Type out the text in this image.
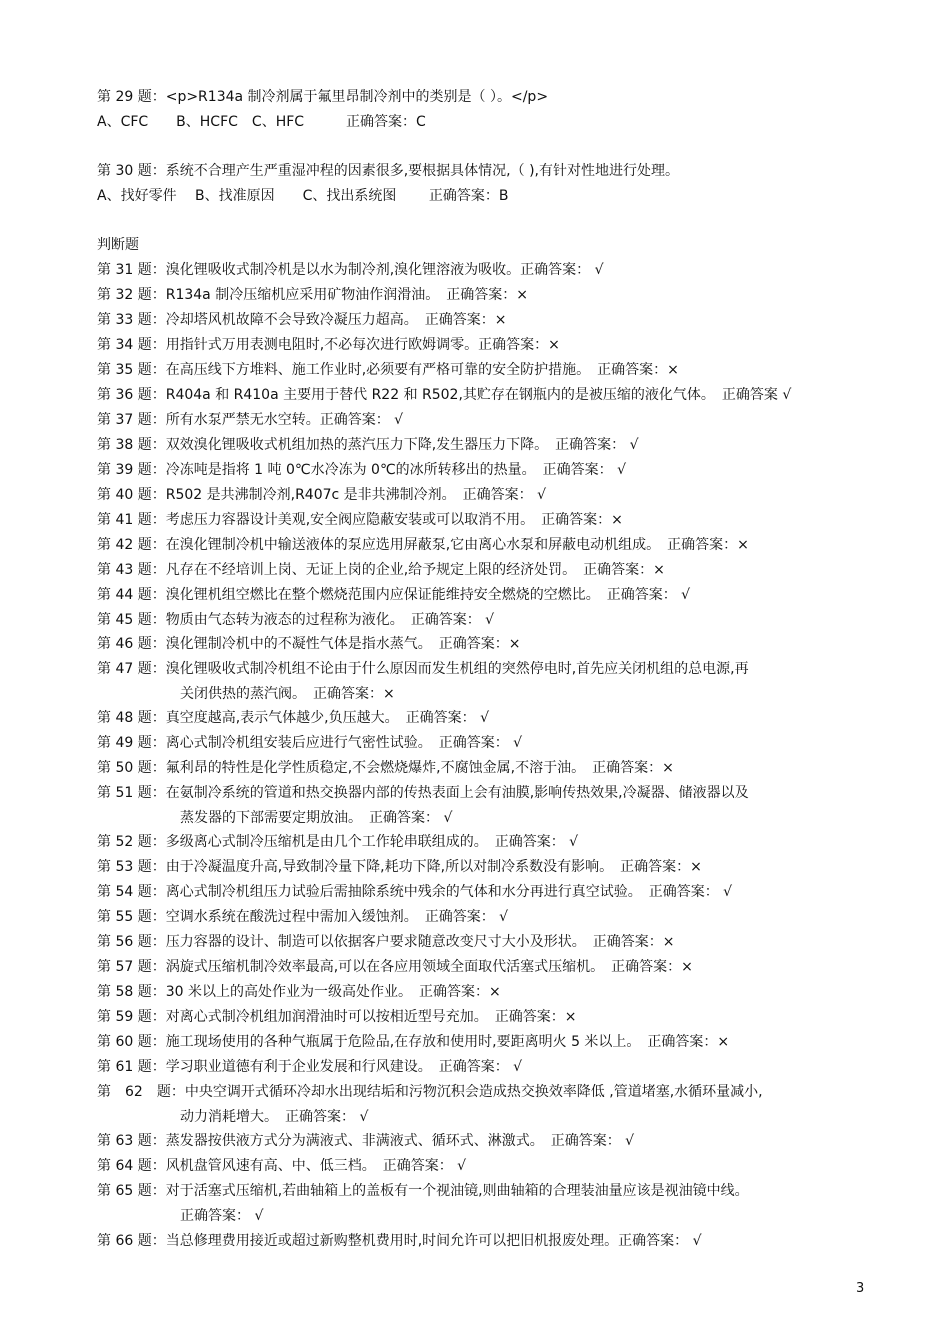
第 29 题：<p>R134a 制冷剂属于氟里昂制冷剂中的类别是（ ）。</p>
A、CFC　　B、HCFC　C、HFC　　　正确答案：C
第 30 题：系统不合理产生严重湿冲程的因素很多,要根据具体情况,（ ),有针对性地进行处理。
A、找好零件　 B、找准原因　　C、找出系统图　　 正确答案：B
判断题
第 31 题：溴化锂吸收式制冷机是以水为制冷剂,溴化锂溶液为吸收。正确答案： √
第 32 题：R134a 制冷压缩机应采用矿物油作润滑油。　正确答案：×
第 33 题：冷却塔风机故障不会导致冷凝压力超高。　正确答案：×
第 34 题：用指针式万用表测电阻时,不必每次进行欧姆调零。正确答案：×
第 35 题：在高压线下方堆料、施工作业时,必须要有严格可靠的安全防护措施。　正确答案：×
第 36 题：R404a 和 R410a 主要用于替代 R22 和 R502,其贮存在钢瓶内的是被压缩的液化气体。　正确答案 √
第 37 题：所有水泵严禁无水空转。正确答案： √
第 38 题：双效溴化锂吸收式机组加热的蒸汽压力下降,发生器压力下降。　正确答案： √
第 39 题：冷冻吨是指将 1 吨 0℃水冷冻为 0℃的冰所转移出的热量。　正确答案： √
第 40 题：R502 是共沸制冷剂,R407c 是非共沸制冷剂。　正确答案： √
第 41 题：考虑压力容器设计美观,安全阀应隐蔽安装或可以取消不用。　正确答案：×
第 42 题：在溴化锂制冷机中输送液体的泵应选用屏蔽泵,它由离心水泵和屏蔽电动机组成。　正确答案：×
第 43 题：凡存在不经培训上岗、无证上岗的企业,给予规定上限的经济处罚。　正确答案：×
第 44 题：溴化锂机组空燃比在整个燃烧范围内应保证能维持安全燃烧的空燃比。　正确答案： √
第 45 题：物质由气态转为液态的过程称为液化。　正确答案： √
第 46 题：溴化锂制冷机中的不凝性气体是指水蒸气。　正确答案：×
第 47 题：溴化锂吸收式制冷机组不论由于什么原因而发生机组的突然停电时,首先应关闭机组的总电源,再
关闭供热的蒸汽阀。　正确答案：×
第 48 题：真空度越高,表示气体越少,负压越大。　正确答案： √
第 49 题：离心式制冷机组安装后应进行气密性试验。　正确答案： √
第 50 题：氟利昂的特性是化学性质稳定,不会燃烧爆炸,不腐蚀金属,不溶于油。　正确答案：×
第 51 题：在氨制冷系统的管道和热交换器内部的传热表面上会有油膜,影响传热效果,冷凝器、储液器以及
蒸发器的下部需要定期放油。　正确答案： √
第 52 题：多级离心式制冷压缩机是由几个工作轮串联组成的。　正确答案： √
第 53 题：由于冷凝温度升高,导致制冷量下降,耗功下降,所以对制冷系数没有影响。　正确答案：×
第 54 题：离心式制冷机组压力试验后需抽除系统中残余的气体和水分再进行真空试验。　正确答案： √
第 55 题：空调水系统在酸洗过程中需加入缓蚀剂。　正确答案： √
第 56 题：压力容器的设计、制造可以依据客户要求随意改变尺寸大小及形状。　正确答案：×
第 57 题：涡旋式压缩机制冷效率最高,可以在各应用领域全面取代活塞式压缩机。　正确答案：×
第 58 题：30 米以上的高处作业为一级高处作业。　正确答案：×
第 59 题：对离心式制冷机组加润滑油时可以按相近型号充加。　正确答案：×
第 60 题：施工现场使用的各种气瓶属于危险品,在存放和使用时,要距离明火 5 米以上。　正确答案：×
第 61 题：学习职业道德有利于企业发展和行风建设。　正确答案： √
第　62　题：中央空调开式循环冷却水出现结垢和污物沉积会造成热交换效率降低 ,管道堵塞,水循环量减小,
动力消耗增大。　正确答案： √
第 63 题：蒸发器按供液方式分为满液式、非满液式、循环式、淋激式。　正确答案： √
第 64 题：风机盘管风速有高、中、低三档。　正确答案： √
第 65 题：对于活塞式压缩机,若曲轴箱上的盖板有一个视油镜,则曲轴箱的合理装油量应该是视油镜中线。
正确答案： √
第 66 题：当总修理费用接近或超过新购整机费用时,时间允许可以把旧机报废处理。正确答案： √
3
